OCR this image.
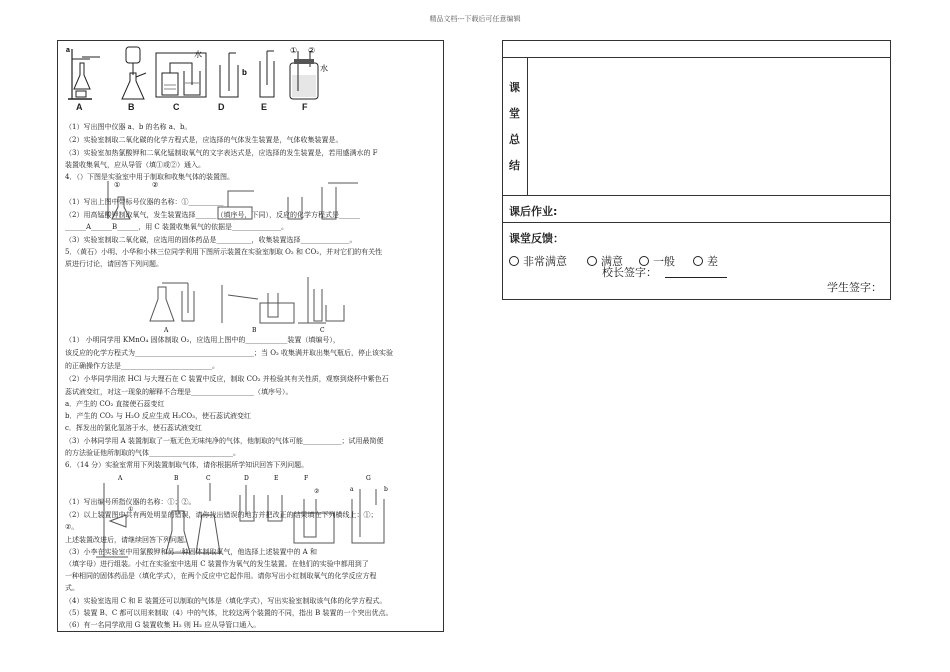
精品文档---下载后可任意编辑
a	水
b
① ②
水
A	B	C	D	E	F
（1）写出图中仪器 a、b 的名称 a、b。
（2）实验室制取二氧化碳的化学方程式是，应选择的气体发生装置是，气体收集装置是。
（3）实验室加热氯酸钾和二氧化锰制取氧气的文字表达式是，应选择的发生装置是，若用盛满水的 F
装置收集氧气，应从导管（填①或②）通入。
4．（）下图是实验室中用于制取和收集气体的装置图。
①	②
（1）写出上图中带标号仪器的名称：①__________
（2）用高锰酸钾制取氧气，发生装置选择______（填序号，下同），反应的化学方程式是______
______A______B______，用 C 装置收集氧气的依据是______________。
（3）实验室制取二氧化碳，应选用的固体药品是__________，收集装置选择______________。
5．（黄石）小明、小华和小林三位同学利用下图所示装置在实验室制取 O₂ 和 CO₂，并对它们的有关性
质进行讨论，请回答下列问题。
A	B	C
（1） 小明同学用 KMnO₄ 固体制取 O₂，应选用上图中的____________装置（填编号），
该反应的化学方程式为__________________________________；当 O₂ 收集满并取出集气瓶后，停止该实验
的正确操作方法是__________________________。
（2）小华同学用浓 HCl 与大理石在 C 装置中反应，制取 CO₂ 并检验其有关性质，观察到烧杯中紫色石
蕊试液变红，对这一现象的解释不合理是__________________（填序号）。
a．产生的 CO₂ 直接使石蕊变红
b．产生的 CO₂ 与 H₂O 反应生成 H₂CO₃，使石蕊试液变红
c．挥发出的氯化氢溶于水，使石蕊试液变红
（3）小林同学用 A 装置制取了一瓶无色无味纯净的气体，他制取的气体可能___________；试用最简便
的方法验证他所制取的气体________________________。
6．（14 分）实验室常用下列装置制取气体，请你根据所学知识回答下列问题。
A	B	C	D	E	F	G
①
②	a	b
（1）写出编号所指仪器的名称：①；②。
（2）以上装置图中共有两处明显的错误，请你找出错误的地方并把改正的结果填在下列横线上：①；
②。
上述装置改进后，请继续回答下列问题。
（3）小李在实验室中用氯酸钾和另一种固体制取氧气，他选择上述装置中的 A 和
（填字母）进行组装。小红在实验室中选用 C 装置作为氧气的发生装置。在他们的实验中都用到了
一种相同的固体药品是（填化学式），在两个反应中它起作用。请你写出小红制取氧气的化学反应方程
式。
（4）实验室选用 C 和 E 装置还可以制取的气体是（填化学式），写出实验室制取该气体的化学方程式。
（5）装置 B、C 都可以用来制取（4）中的气体，比较这两个装置的不同，指出 B 装置的一个突出优点。
（6）有一名同学欲用 G 装置收集 H₂ 则 H₂ 应从导管口通入。
课
堂
总
结
课后作业:
课堂反馈：
非常满意	满意	一般	差
学生签字：
校长签字：
